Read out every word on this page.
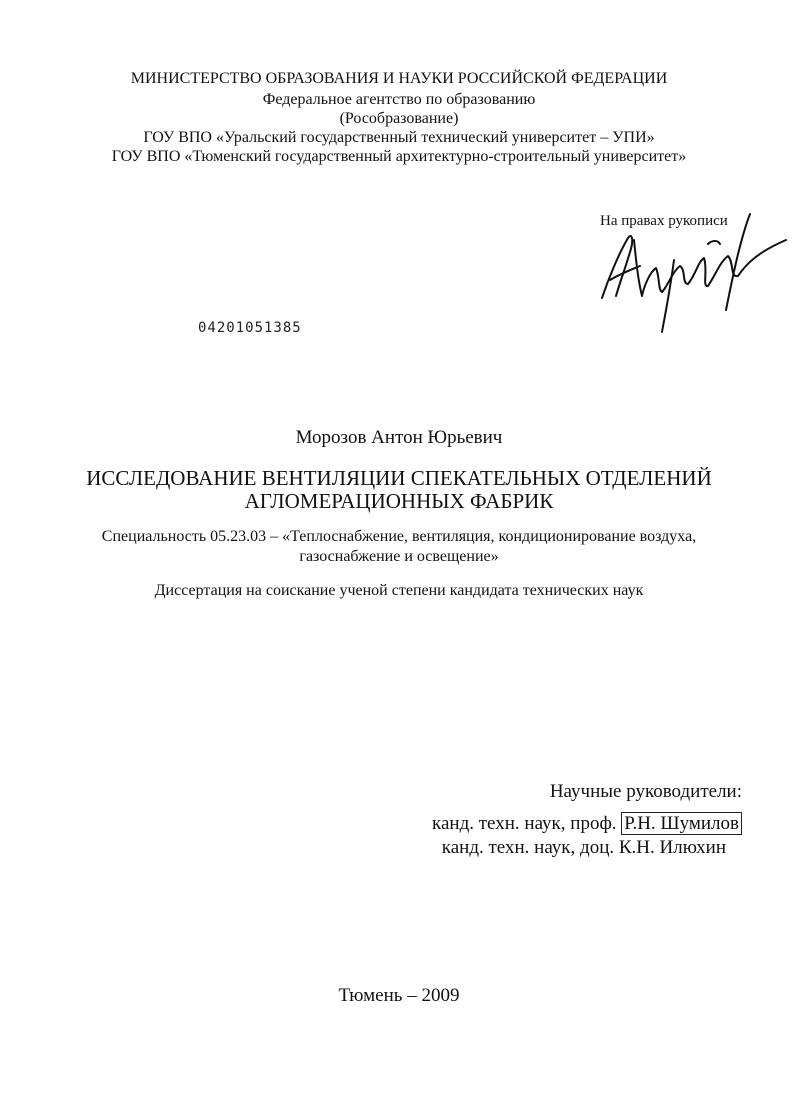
МИНИСТЕРСТВО ОБРАЗОВАНИЯ И НАУКИ РОССИЙСКОЙ ФЕДЕРАЦИИ
Федеральное агентство по образованию
(Рособразование)
ГОУ ВПО «Уральский государственный технический университет – УПИ»
ГОУ ВПО «Тюменский государственный архитектурно-строительный университет»
На правах рукописи
04201051385
Морозов Антон Юрьевич
ИССЛЕДОВАНИЕ ВЕНТИЛЯЦИИ СПЕКАТЕЛЬНЫХ ОТДЕЛЕНИЙ
АГЛОМЕРАЦИОННЫХ ФАБРИК
Специальность 05.23.03 – «Теплоснабжение, вентиляция, кондиционирование воздуха,
газоснабжение и освещение»
Диссертация на соискание ученой степени кандидата технических наук
Научные руководители:
канд. техн. наук, проф. Р.Н. Шумилов
канд. техн. наук, доц. К.Н. Илюхин
Тюмень – 2009
